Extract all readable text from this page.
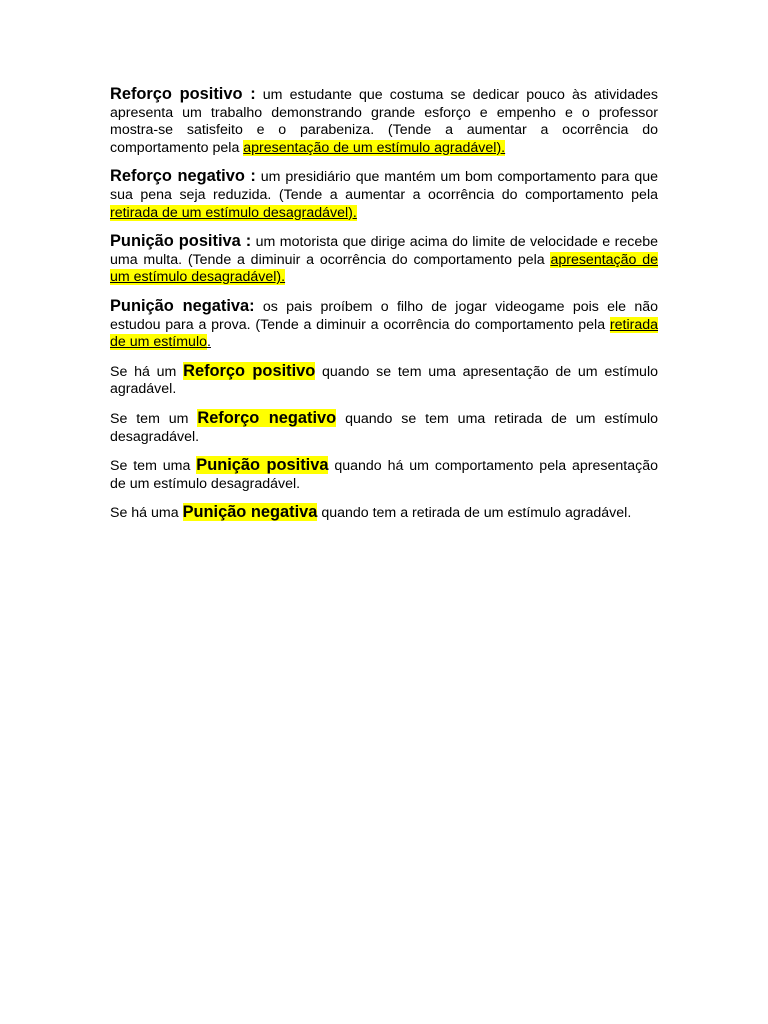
Reforço positivo : um estudante que costuma se dedicar pouco às atividades apresenta um trabalho demonstrando grande esforço e empenho e o professor mostra-se satisfeito e o parabeniza. (Tende a aumentar a ocorrência do comportamento pela apresentação de um estímulo agradável).

Reforço negativo : um presidiário que mantém um bom comportamento para que sua pena seja reduzida. (Tende a aumentar a ocorrência do comportamento pela retirada de um estímulo desagradável).

Punição positiva : um motorista que dirige acima do limite de velocidade e recebe uma multa. (Tende a diminuir a ocorrência do comportamento pela apresentação de um estímulo desagradável).

Punição negativa: os pais proíbem o filho de jogar videogame pois ele não estudou para a prova. (Tende a diminuir a ocorrência do comportamento pela retirada de um estímulo.

Se há um Reforço positivo quando se tem uma apresentação de um estímulo agradável.

Se tem um Reforço negativo quando se tem uma retirada de um estímulo desagradável.

Se tem uma Punição positiva quando há um comportamento pela apresentação de um estímulo desagradável.

Se há uma Punição negativa quando tem a retirada de um estímulo agradável.
